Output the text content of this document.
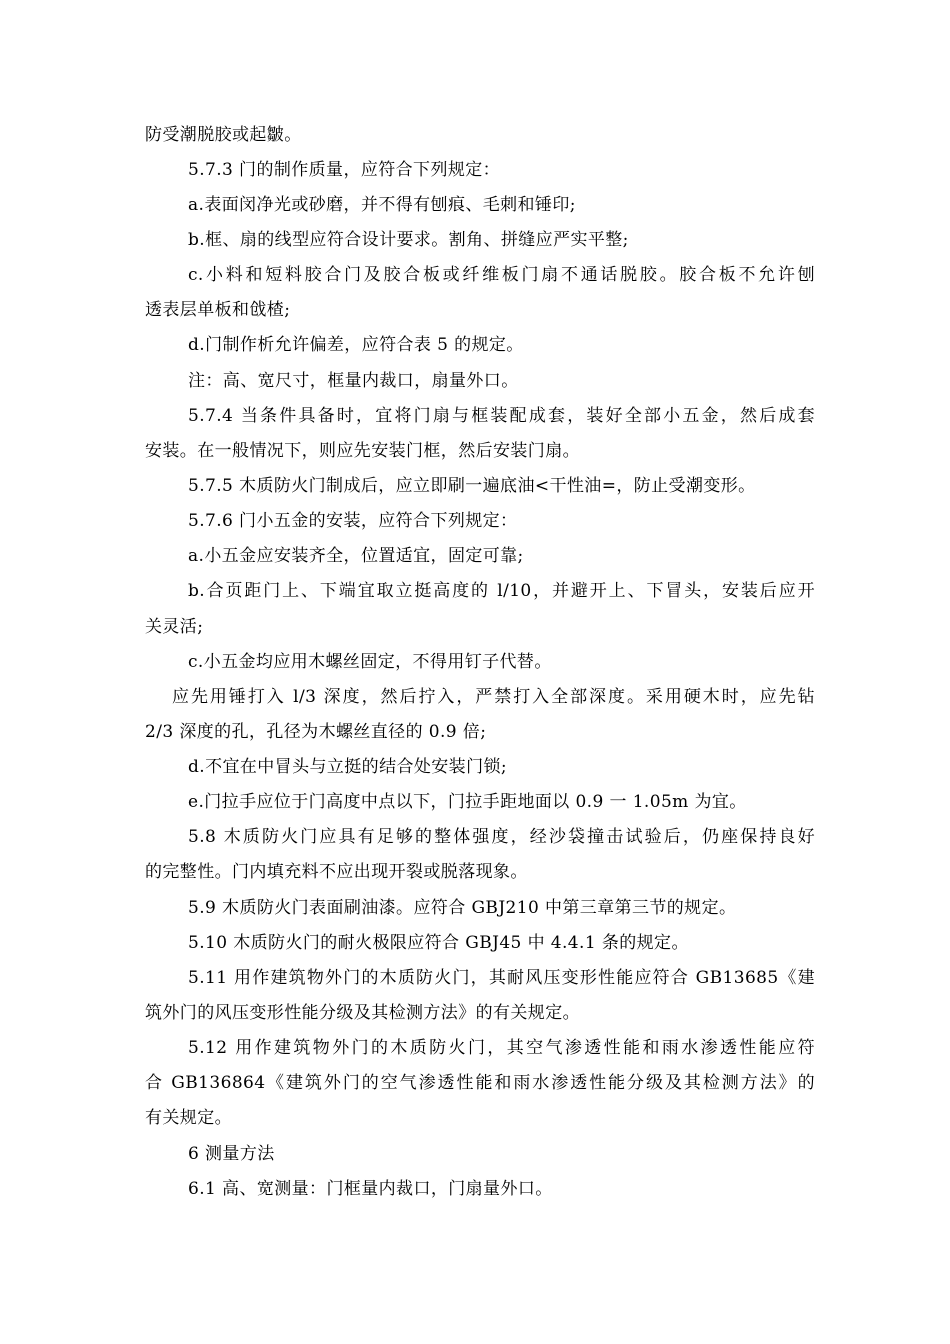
防受潮脱胶或起皺。
5.7.3 门的制作质量，应符合下列规定：
a.表面闵净光或砂磨，并不得有刨痕、毛刺和锤印;
b.框、扇的线型应符合设计要求。割角、拼缝应严实平整;
c.小料和短料胶合门及胶合板或纤维板门扇不通话脱胶。胶合板不允许刨
透表层单板和戗楂;
d.门制作析允许偏差，应符合表 5 的规定。
注：高、宽尺寸，框量内裁口，扇量外口。
5.7.4 当条件具备时，宜将门扇与框装配成套，装好全部小五金，然后成套
安装。在一般情况下，则应先安装门框，然后安装门扇。
5.7.5 木质防火门制成后，应立即刷一遍底油<干性油=，防止受潮变形。
5.7.6 门小五金的安装，应符合下列规定：
a.小五金应安装齐全，位置适宜，固定可靠;
b.合页距门上、下端宜取立挺高度的 l/10，并避开上、下冒头，安装后应开
关灵活;
c.小五金均应用木螺丝固定，不得用钉子代替。
应先用锤打入 l/3 深度，然后拧入，严禁打入全部深度。采用硬木时，应先钻
2/3 深度的孔，孔径为木螺丝直径的 0.9 倍;
d.不宜在中冒头与立挺的结合处安装门锁;
e.门拉手应位于门高度中点以下，门拉手距地面以 0.9 一 1.05m 为宜。
5.8 木质防火门应具有足够的整体强度，经沙袋撞击试验后，仍座保持良好
的完整性。门内填充料不应出现开裂或脱落现象。
5.9 木质防火门表面刷油漆。应符合 GBJ210 中第三章第三节的规定。
5.10 木质防火门的耐火极限应符合 GBJ45 中 4.4.1 条的规定。
5.11 用作建筑物外门的木质防火门，其耐风压变形性能应符合 GB13685《建
筑外门的风压变形性能分级及其检测方法》的有关规定。
5.12 用作建筑物外门的木质防火门，其空气渗透性能和雨水渗透性能应符
合 GB136864《建筑外门的空气渗透性能和雨水渗透性能分级及其检测方法》的
有关规定。
6 测量方法
6.1 高、宽测量：门框量内裁口，门扇量外口。
